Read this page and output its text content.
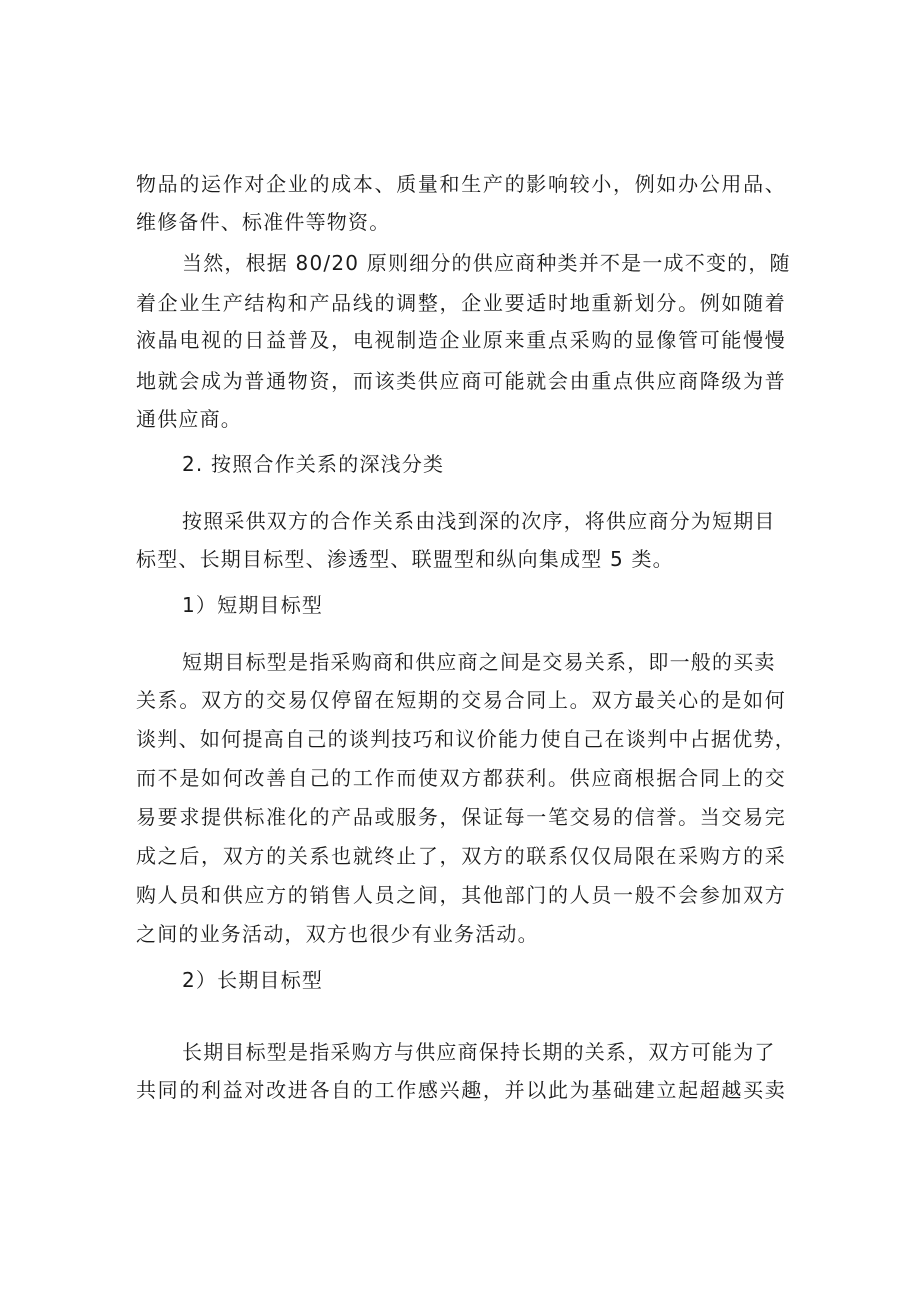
物品的运作对企业的成本、质量和生产的影响较小，例如办公用品、
维修备件、标准件等物资。
当然，根据 80/20 原则细分的供应商种类并不是一成不变的，随
着企业生产结构和产品线的调整，企业要适时地重新划分。例如随着
液晶电视的日益普及，电视制造企业原来重点采购的显像管可能慢慢
地就会成为普通物资，而该类供应商可能就会由重点供应商降级为普
通供应商。
2. 按照合作关系的深浅分类
按照采供双方的合作关系由浅到深的次序，将供应商分为短期目
标型、长期目标型、渗透型、联盟型和纵向集成型 5 类。
1）短期目标型
短期目标型是指采购商和供应商之间是交易关系，即一般的买卖
关系。双方的交易仅停留在短期的交易合同上。双方最关心的是如何
谈判、如何提高自己的谈判技巧和议价能力使自己在谈判中占据优势，
而不是如何改善自己的工作而使双方都获利。供应商根据合同上的交
易要求提供标准化的产品或服务，保证每一笔交易的信誉。当交易完
成之后，双方的关系也就终止了，双方的联系仅仅局限在采购方的采
购人员和供应方的销售人员之间，其他部门的人员一般不会参加双方
之间的业务活动，双方也很少有业务活动。
2）长期目标型
长期目标型是指采购方与供应商保持长期的关系，双方可能为了
共同的利益对改进各自的工作感兴趣，并以此为基础建立起超越买卖
